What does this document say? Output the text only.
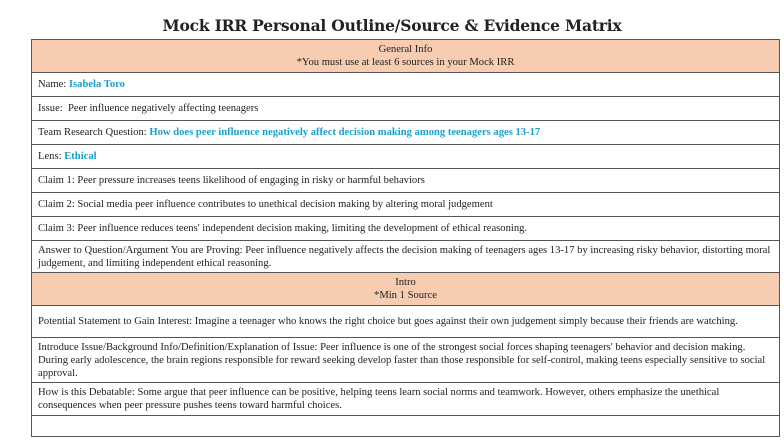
Mock IRR Personal Outline/Source & Evidence Matrix
General Info
*You must use at least 6 sources in your Mock IRR

Name: Isabela Toro
Issue: Peer influence negatively affecting teenagers
Team Research Question: How does peer influence negatively affect decision making among teenagers ages 13-17
Lens: Ethical
Claim 1: Peer pressure increases teens likelihood of engaging in risky or harmful behaviors
Claim 2: Social media peer influence contributes to unethical decision making by altering moral judgement
Claim 3: Peer influence reduces teens' independent decision making, limiting the development of ethical reasoning.
Answer to Question/Argument You are Proving: Peer influence negatively affects the decision making of teenagers ages 13-17 by increasing risky behavior, distorting moral judgement, and limiting independent ethical reasoning.

Intro
*Min 1 Source

Potential Statement to Gain Interest: Imagine a teenager who knows the right choice but goes against their own judgement simply because their friends are watching.
Introduce Issue/Background Info/Definition/Explanation of Issue: Peer influence is one of the strongest social forces shaping teenagers' behavior and decision making. During early adolescence, the brain regions responsible for reward seeking develop faster than those responsible for self-control, making teens especially sensitive to social approval.
How is this Debatable: Some argue that peer influence can be positive, helping teens learn social norms and teamwork. However, others emphasize the unethical consequences when peer pressure pushes teens toward harmful choices.
